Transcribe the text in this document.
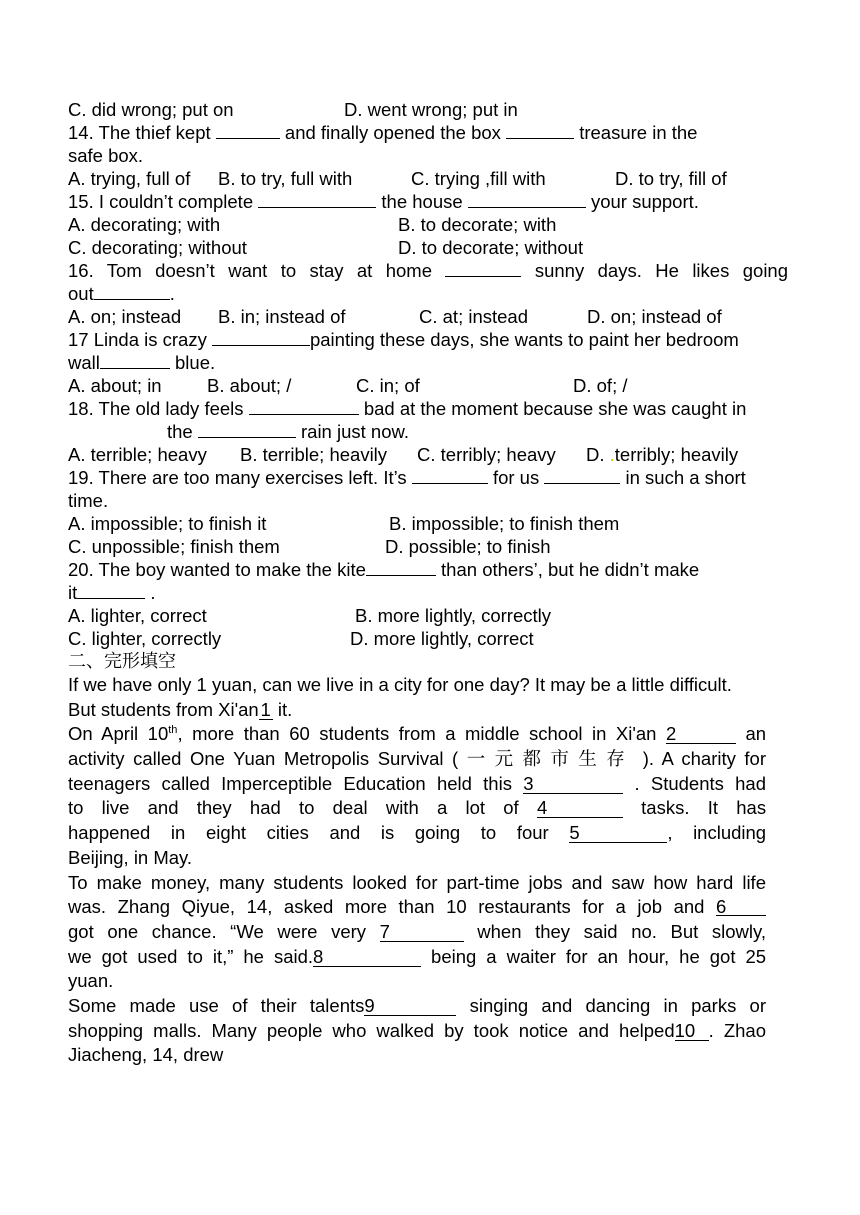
C. did wrong; put on	D. went wrong; put in
14. The thief kept	and finally opened the box	treasure in the
safe box.
A. trying, full of B. to try, full with	C. trying ,fill with	D. to try, fill of
15. I couldn’t complete	the house	your support.
A. decorating; with	B. to decorate; with
C. decorating; without	D. to decorate; without
16. Tom doesn’t want to stay at home	sunny days. He likes going
out	.
A. on; instead B. in; instead of	C. at; instead	D. on; instead of
17 Linda is crazy	painting these days, she wants to paint her bedroom
wall	blue.
A. about; in B. about; /	C. in; of	D. of; /
18. The old lady feels	bad at the moment because she was caught in
the	rain just now.
A. terrible; heavy B. terrible; heavily C. terribly; heavy D. .terribly; heavily
19. There are too many exercises left. It’s	for us	in such a short
time.
A. impossible; to finish it	B. impossible; to finish them
C. unpossible; finish them	D. possible; to finish
20. The boy wanted to make the kite	than others’, but he didn’t make
it	.
A. lighter, correct	B. more lightly, correctly
C. lighter, correctly	D. more lightly, correct
二、完形填空
If we have only 1 yuan, can we live in a city for one day? It may be a little difficult.
But students from Xi'an1 it.
On April 10th, more than 60 students from a middle school in Xi'an 2	an
activity called One Yuan Metropolis Survival ( 一元都市生存 ). A charity for
teenagers called Imperceptible Education held this 3	. Students had
to live and they had to deal with a lot of 4	tasks. It has
happened in eight cities and is going to four 5	, including
Beijing, in May.
To make money, many students looked for part-time jobs and saw how hard life
was. Zhang Qiyue, 14, asked more than 10 restaurants for a job and 6
got one chance. “We were very 7	when they said no. But slowly,
we got used to it,” he said.8	being a waiter for an hour, he got 25
yuan.
Some made use of their talents9	singing and dancing in parks or
shopping malls. Many people who walked by took notice and helped10 . Zhao
Jiacheng, 14, drew
